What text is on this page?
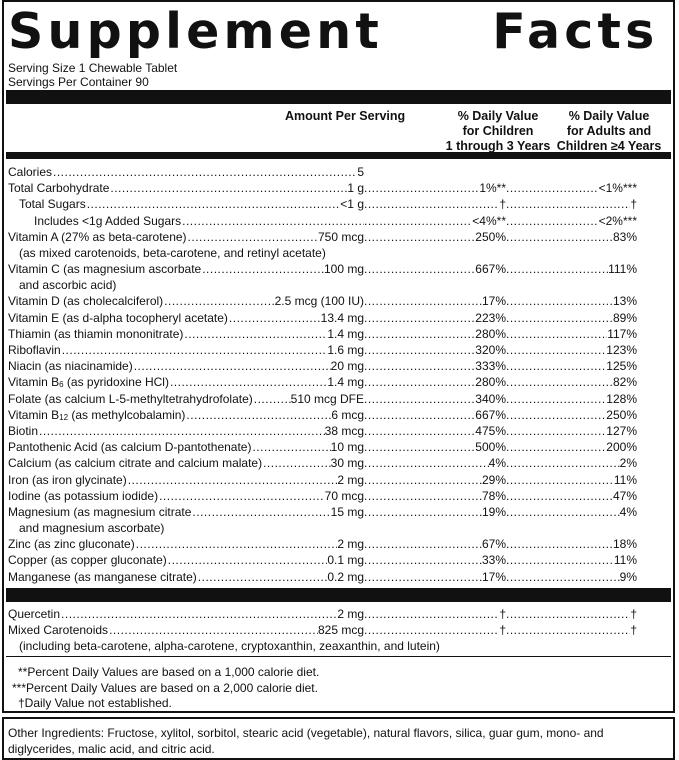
Supplement Facts
Serving Size 1 Chewable Tablet
Servings Per Container 90
Amount Per Serving	% Daily Value
for Children
1 through 3 Years
% Daily Value
for Adults and
Children ≥4 Years
Calories .....	5
Total Carbohydrate .....	1 g .....	1%** .....	<1%***
Total Sugars .....	<1 g .....	† .....	†
Includes <1g Added Sugars ..... .....	<4%** .....	<2%***
Vitamin A (27% as beta-carotene) .....	750 mcg .....	250% .....	83%
(as mixed carotenoids, beta-carotene, and retinyl acetate)
Vitamin C (as magnesium ascorbate .....	100 mg .....	667% .....	111%
and ascorbic acid)
Vitamin D (as cholecalciferol) .....	2.5 mcg (100 IU) .....	17% .....	13%
Vitamin E (as d-alpha tocopheryl acetate) .....	13.4 mg .....	223% .....	89%
Thiamin (as thiamin mononitrate) .....	1.4 mg .....	280% .....	117%
Riboflavin .....	1.6 mg .....	320% .....	123%
Niacin (as niacinamide) .....	20 mg .....	333% .....	125%
Vitamin $B_6$ (as pyridoxine HCl) .....	1.4 mg .....	280% .....	82%
Folate (as calcium L-5-methyltetrahydrofolate) .....	510 mcg DFE .....	340% .....	128%
Vitamin $B_{12}$ (as methylcobalamin) .....	6 mcg .....	667% .....	250%
Biotin .....	38 mcg .....	475% .....	127%
Pantothenic Acid (as calcium D-pantothenate) .....	10 mg .....	500% .....	200%
Calcium (as calcium citrate and calcium malate) .....	30 mg .....	4% .....	2%
Iron (as iron glycinate) .....	2 mg .....	29% .....	11%
Iodine (as potassium iodide) .....	70 mcg .....	78% .....	47%
Magnesium (as magnesium citrate .....	15 mg .....	19% .....	4%
and magnesium ascorbate)
Zinc (as zinc gluconate) .....	2 mg .....	67% .....	18%
Copper (as copper gluconate) .....	0.1 mg .....	33% .....	11%
Manganese (as manganese citrate) .....	0.2 mg .....	17% .....	9%
Quercetin .....	2 mg .....	† .....	†
Mixed Carotenoids .....	825 mcg .....	† .....	†
(including beta-carotene, alpha-carotene, cryptoxanthin, zeaxanthin, and lutein)
**Percent Daily Values are based on a 1,000 calorie diet.
***Percent Daily Values are based on a 2,000 calorie diet.
†Daily Value not established.
Other Ingredients: Fructose, xylitol, sorbitol, stearic acid (vegetable), natural flavors, silica, guar gum, mono- and diglycerides, malic acid, and citric acid.
